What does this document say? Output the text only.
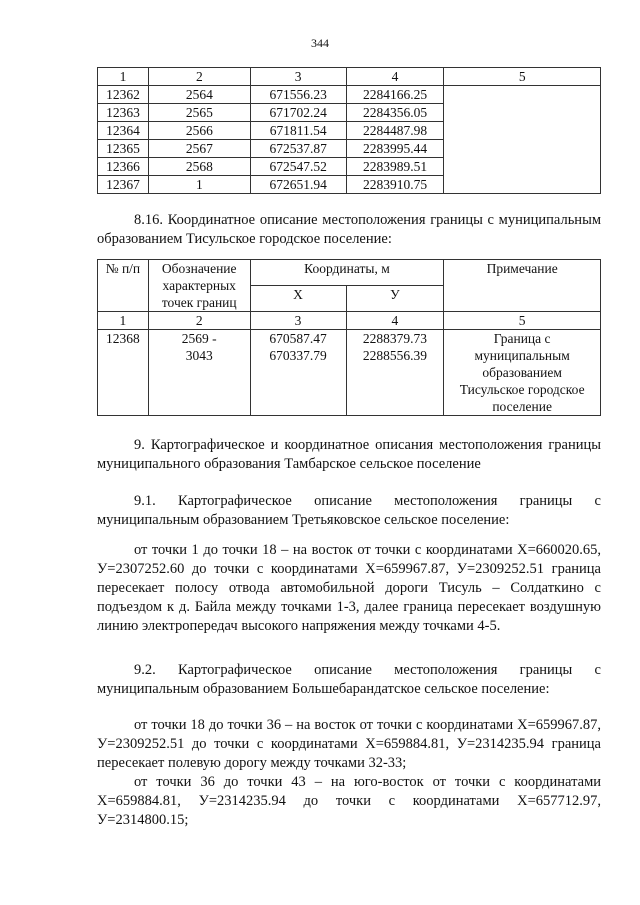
344
1	2	3	4	5
12362	2564	671556.23	2284166.25	
12363	2565	671702.24	2284356.05	
12364	2566	671811.54	2284487.98	
12365	2567	672537.87	2283995.44	
12366	2568	672547.52	2283989.51	
12367	1	672651.94	2283910.75	

8.16. Координатное описание местоположения границы с муниципальным образованием Тисульское городское поселение:

№ п/п	Обозначение характерных точек границ	Координаты, м		Примечание
		X	У	
1	2	3	4	5
12368	2569 - 3043	670587.47 670337.79	2288379.73 2288556.39	Граница с муниципальным образованием Тисульское городское поселение

9. Картографическое и координатное описания местоположения границы муниципального образования Тамбарское сельское поселение

9.1. Картографическое описание местоположения границы с муниципальным образованием Третьяковское сельское поселение:

от точки 1 до точки 18 – на восток от точки с координатами Х=660020.65, У=2307252.60 до точки с координатами Х=659967.87, У=2309252.51 граница пересекает полосу отвода автомобильной дороги Тисуль – Солдаткино с подъездом к д. Байла между точками 1-3, далее граница пересекает воздушную линию электропередач высокого напряжения между точками 4-5.

9.2. Картографическое описание местоположения границы с муниципальным образованием Большебарандатское сельское поселение:

от точки 18 до точки 36 – на восток от точки с координатами Х=659967.87, У=2309252.51 до точки с координатами Х=659884.81, У=2314235.94 граница пересекает полевую дорогу между точками 32-33;

от точки 36 до точки 43 – на юго-восток от точки с координатами Х=659884.81, У=2314235.94 до точки с координатами Х=657712.97, У=2314800.15;
